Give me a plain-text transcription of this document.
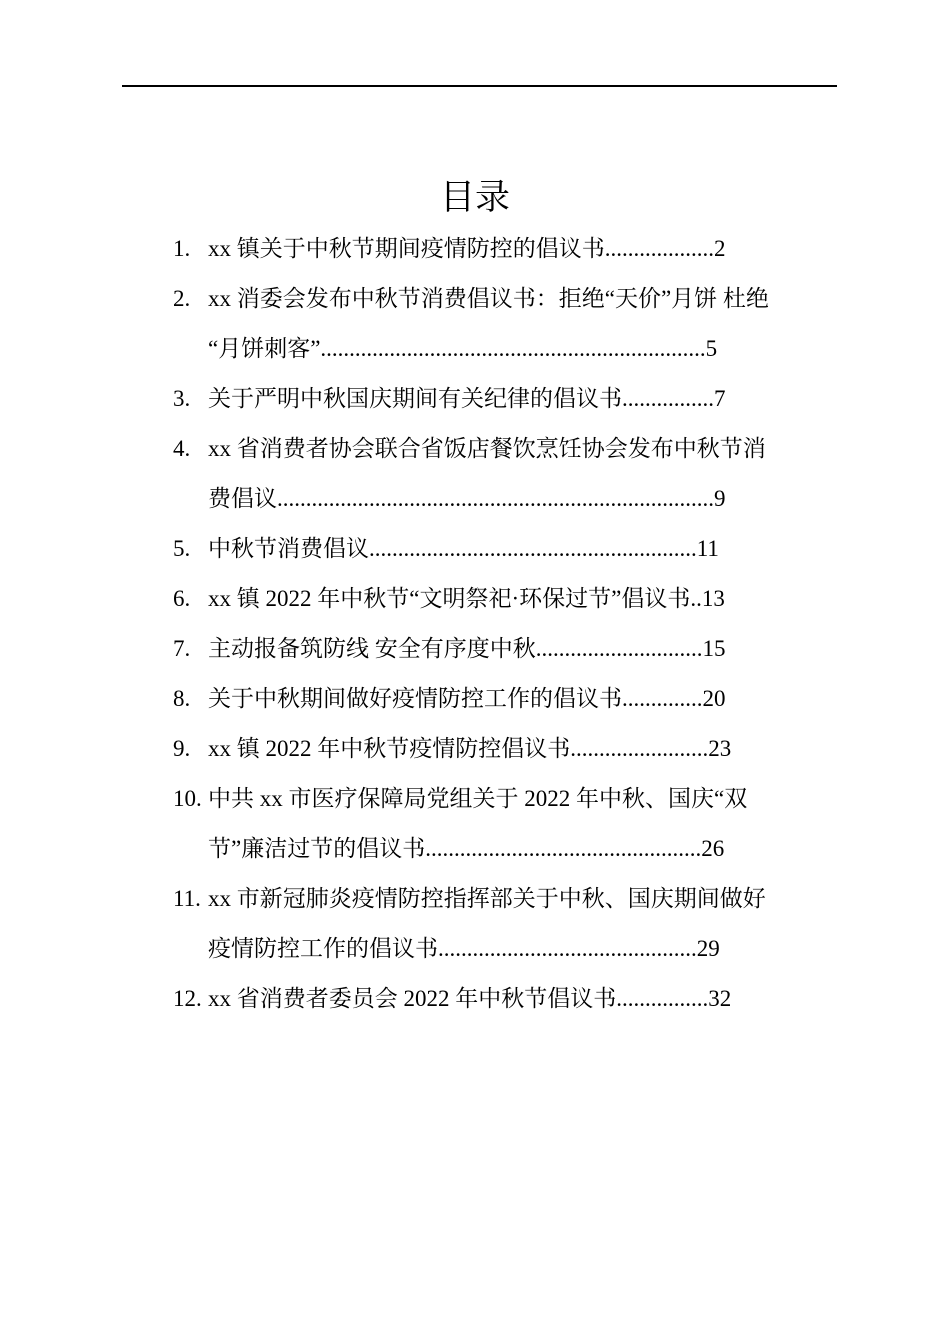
目录
1. xx 镇关于中秋节期间疫情防控的倡议书...................2
2. xx 消委会发布中秋节消费倡议书：拒绝“天价”月饼 杜绝
“月饼刺客”...................................................................5
3. 关于严明中秋国庆期间有关纪律的倡议书................7
4. xx 省消费者协会联合省饭店餐饮烹饪协会发布中秋节消
费倡议............................................................................9
5. 中秋节消费倡议.........................................................11
6. xx 镇 2022 年中秋节“文明祭祀·环保过节”倡议书..13
7. 主动报备筑防线 安全有序度中秋.............................15
8. 关于中秋期间做好疫情防控工作的倡议书..............20
9. xx 镇 2022 年中秋节疫情防控倡议书........................23
10. 中共 xx 市医疗保障局党组关于 2022 年中秋、国庆“双
节”廉洁过节的倡议书................................................26
11. xx 市新冠肺炎疫情防控指挥部关于中秋、国庆期间做好
疫情防控工作的倡议书.............................................29
12. xx 省消费者委员会 2022 年中秋节倡议书................32
